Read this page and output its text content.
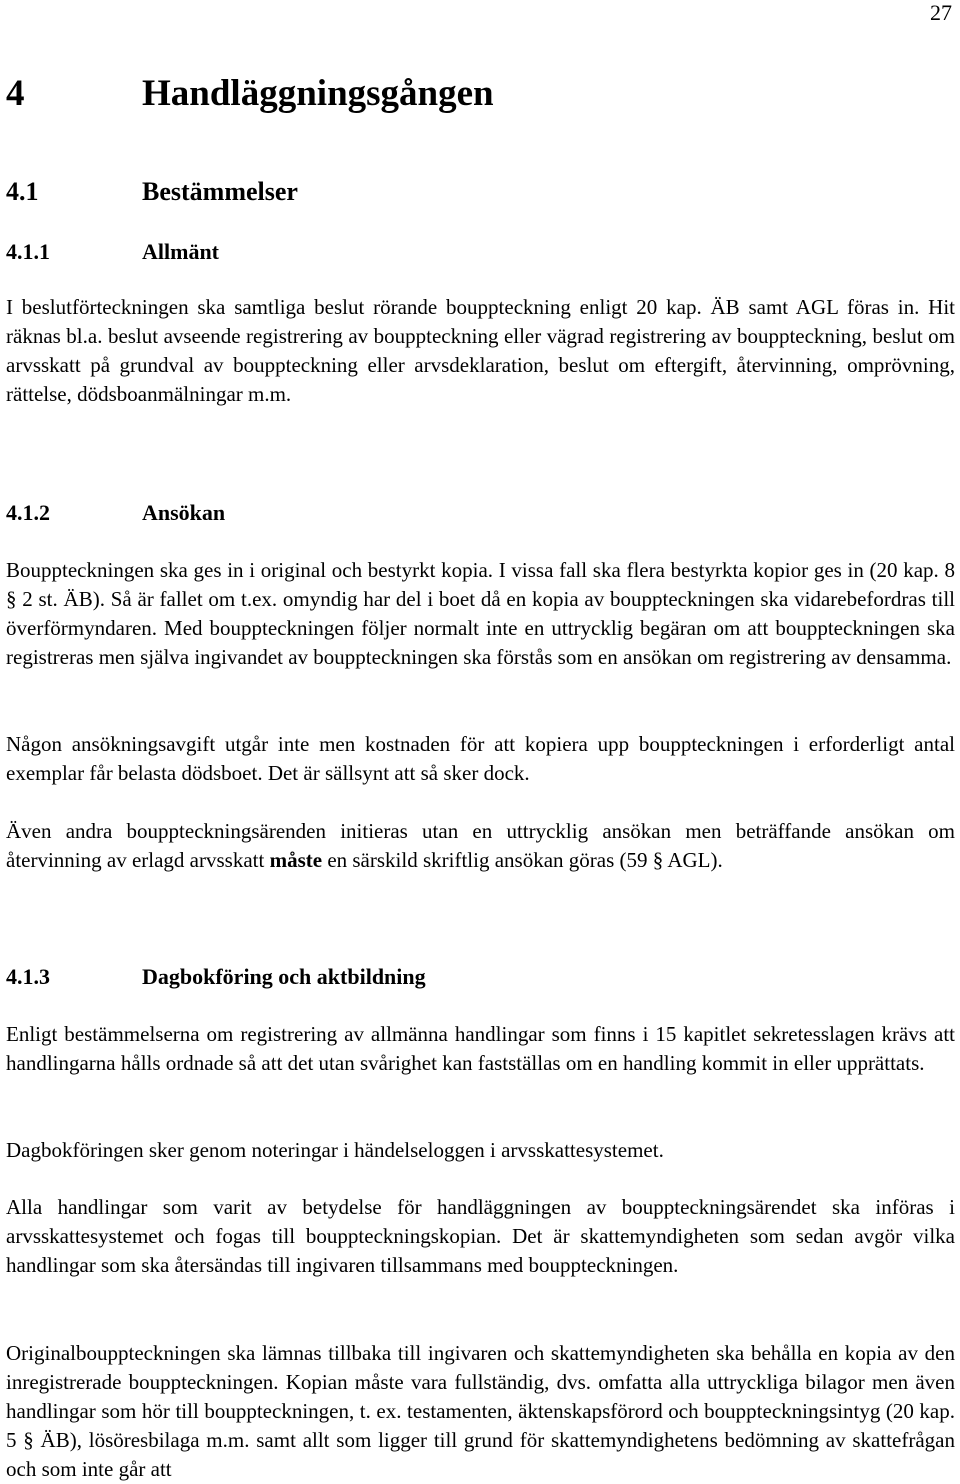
27
4	Handläggningsgången
4.1	Bestämmelser
4.1.1	Allmänt

I beslutförteckningen ska samtliga beslut rörande bouppteckning enligt 20 kap. ÄB samt AGL föras in. Hit räknas bl.a. beslut avseende registrering av bouppteckning eller vägrad registrering av bouppteckning, beslut om arvsskatt på grundval av bouppteckning eller arvsdeklaration, beslut om eftergift, återvinning, omprövning, rättelse, dödsboanmälningar m.m.

4.1.2	Ansökan

Bouppteckningen ska ges in i original och bestyrkt kopia. I vissa fall ska flera bestyrkta kopior ges in (20 kap. 8 § 2 st. ÄB). Så är fallet om t.ex. omyndig har del i boet då en kopia av bouppteckningen ska vidarebefordras till överförmyndaren. Med bouppteckningen följer normalt inte en uttrycklig begäran om att bouppteckningen ska registreras men själva ingivandet av bouppteckningen ska förstås som en ansökan om registrering av densamma.

Någon ansökningsavgift utgår inte men kostnaden för att kopiera upp bouppteckningen i erforderligt antal exemplar får belasta dödsboet. Det är sällsynt att så sker dock.

Även andra bouppteckningsärenden initieras utan en uttrycklig ansökan men beträffande ansökan om återvinning av erlagd arvsskatt måste en särskild skriftlig ansökan göras (59 § AGL).

4.1.3	Dagbokföring och aktbildning

Enligt bestämmelserna om registrering av allmänna handlingar som finns i 15 kapitlet sekretesslagen krävs att handlingarna hålls ordnade så att det utan svårighet kan fastställas om en handling kommit in eller upprättats.

Dagbokföringen sker genom noteringar i händelseloggen i arvsskattesystemet.

Alla handlingar som varit av betydelse för handläggningen av bouppteckningsärendet ska införas i arvsskattesystemet och fogas till bouppteckningskopian. Det är skattemyndigheten som sedan avgör vilka handlingar som ska återsändas till ingivaren tillsammans med bouppteckningen.

Originalbouppteckningen ska lämnas tillbaka till ingivaren och skattemyndigheten ska behålla en kopia av den inregistrerade bouppteckningen. Kopian måste vara fullständig, dvs. omfatta alla uttryckliga bilagor men även handlingar som hör till bouppteckningen, t. ex. testamenten, äktenskapsförord och bouppteckningsintyg (20 kap. 5 § ÄB), lösöresbilaga m.m. samt allt som ligger till grund för skattemyndighetens bedömning av skattefrågan och som inte går att
